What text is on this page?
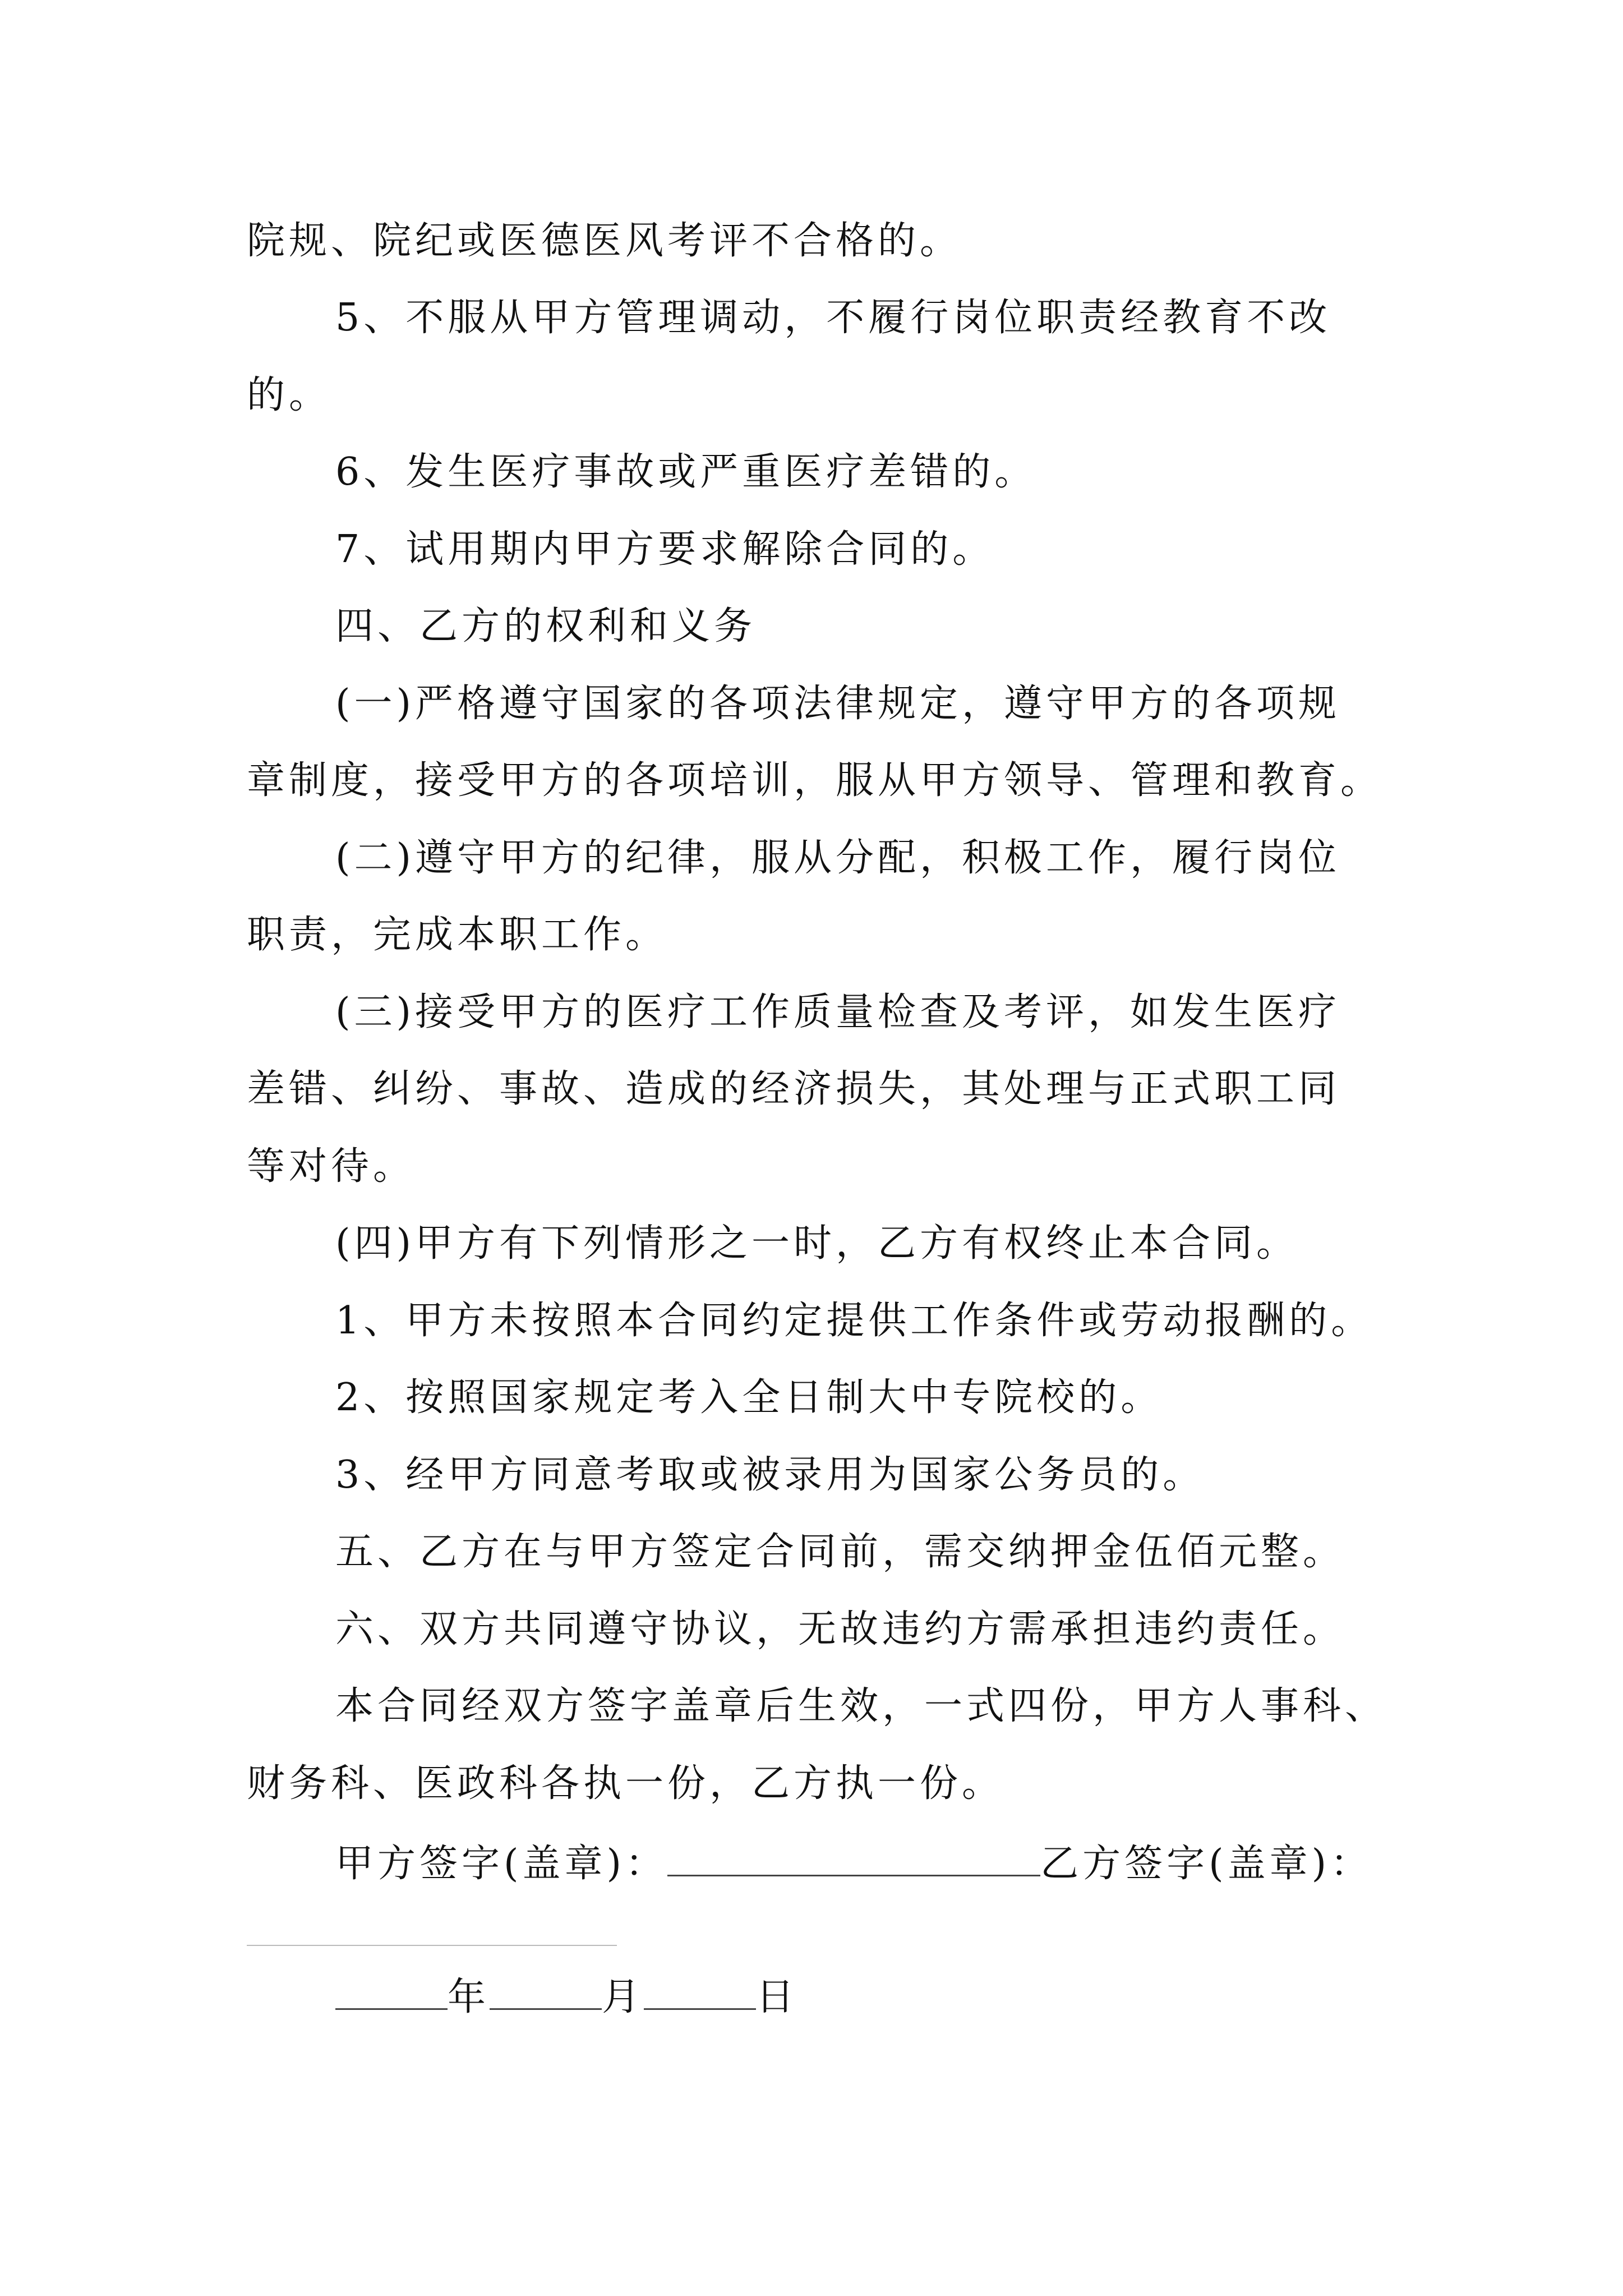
院规、院纪或医德医风考评不合格的。
5、不服从甲方管理调动，不履行岗位职责经教育不改
的。
6、发生医疗事故或严重医疗差错的。
7、试用期内甲方要求解除合同的。
四、乙方的权利和义务
(一)严格遵守国家的各项法律规定，遵守甲方的各项规
章制度，接受甲方的各项培训，服从甲方领导、管理和教育。
(二)遵守甲方的纪律，服从分配，积极工作，履行岗位
职责，完成本职工作。
(三)接受甲方的医疗工作质量检查及考评，如发生医疗
差错、纠纷、事故、造成的经济损失，其处理与正式职工同
等对待。
(四)甲方有下列情形之一时，乙方有权终止本合同。
1、甲方未按照本合同约定提供工作条件或劳动报酬的。
2、按照国家规定考入全日制大中专院校的。
3、经甲方同意考取或被录用为国家公务员的。
五、乙方在与甲方签定合同前，需交纳押金伍佰元整。
六、双方共同遵守协议，无故违约方需承担违约责任。
本合同经双方签字盖章后生效，一式四份，甲方人事科、
财务科、医政科各执一份，乙方执一份。
甲方签字(盖章)：	乙方签字(盖章)：
年	月	日
